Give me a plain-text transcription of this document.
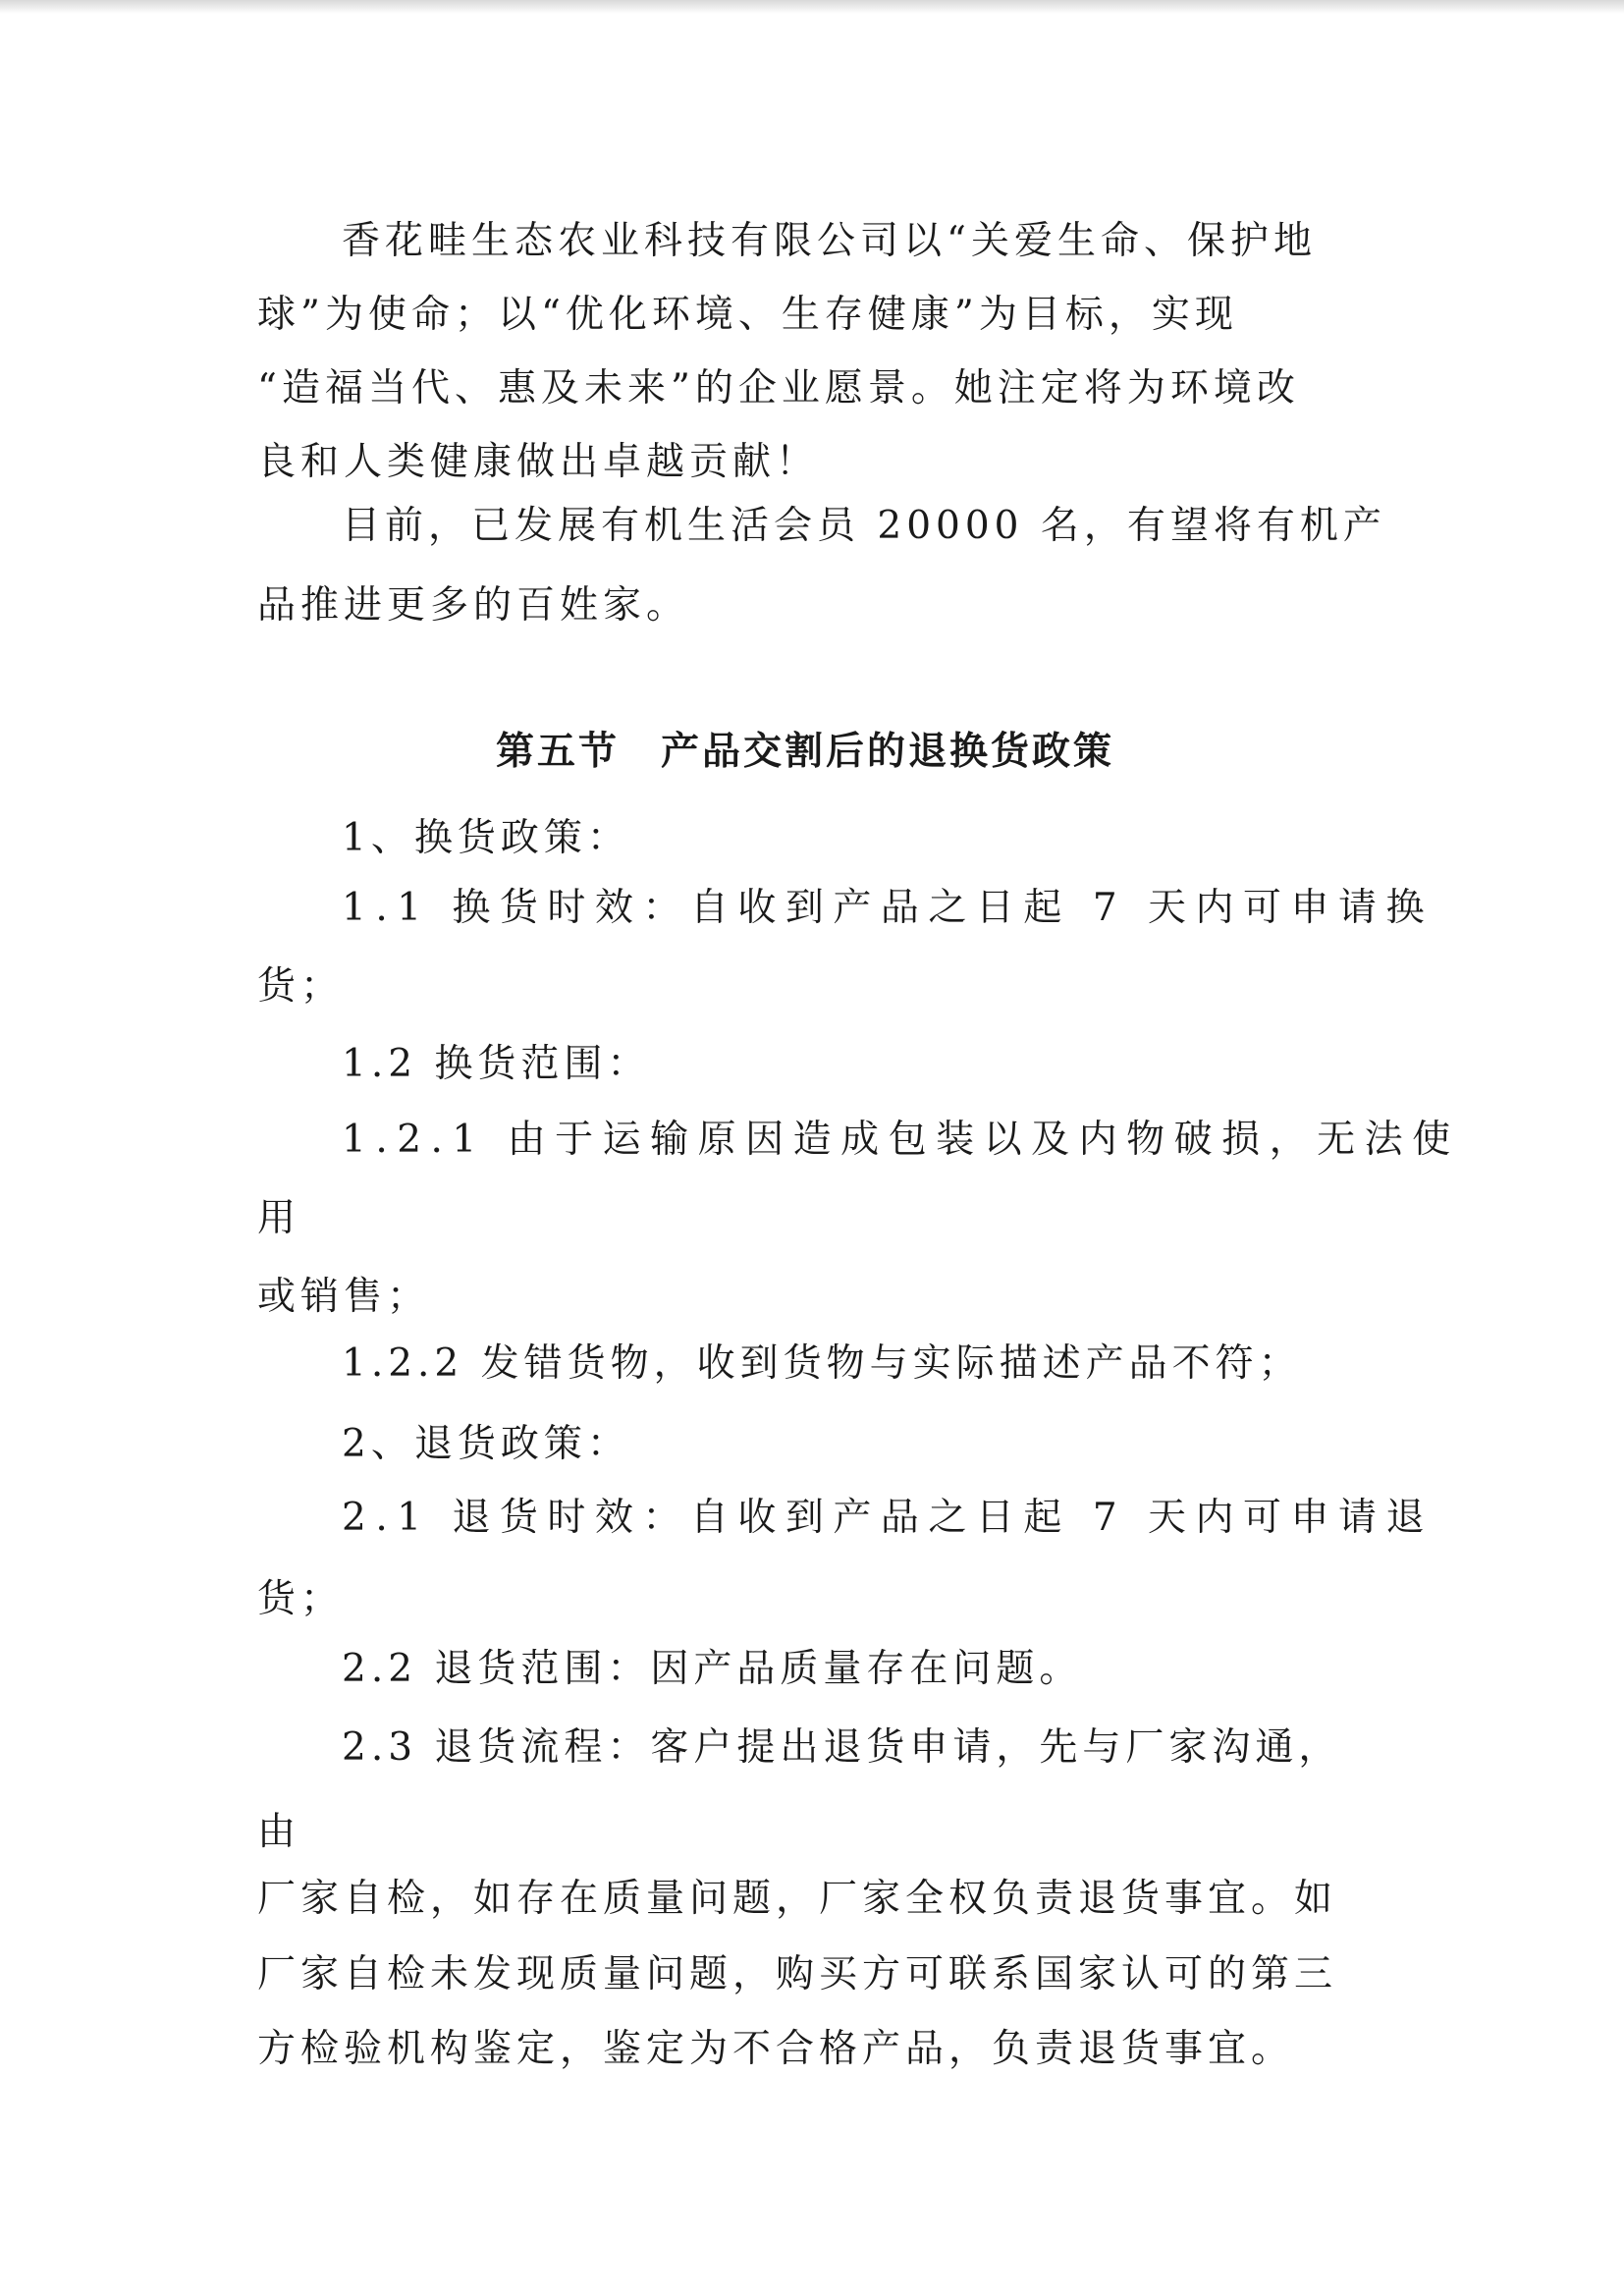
香花畦生态农业科技有限公司以“关爱生命、保护地

球”为使命；以“优化环境、生存健康”为目标，实现

“造福当代、惠及未来”的企业愿景。她注定将为环境改

良和人类健康做出卓越贡献！

目前，已发展有机生活会员 20000 名，有望将有机产

品推进更多的百姓家。

第五节　产品交割后的退换货政策

1、换货政策：

1.1 换货时效：自收到产品之日起 7 天内可申请换

货；

1.2 换货范围：

1.2.1 由于运输原因造成包装以及内物破损，无法使

用

或销售；

1.2.2 发错货物，收到货物与实际描述产品不符；

2、退货政策：

2.1 退货时效：自收到产品之日起 7 天内可申请退

货；

2.2 退货范围：因产品质量存在问题。

2.3 退货流程：客户提出退货申请，先与厂家沟通，

由

厂家自检，如存在质量问题，厂家全权负责退货事宜。如

厂家自检未发现质量问题，购买方可联系国家认可的第三

方检验机构鉴定，鉴定为不合格产品，负责退货事宜。
